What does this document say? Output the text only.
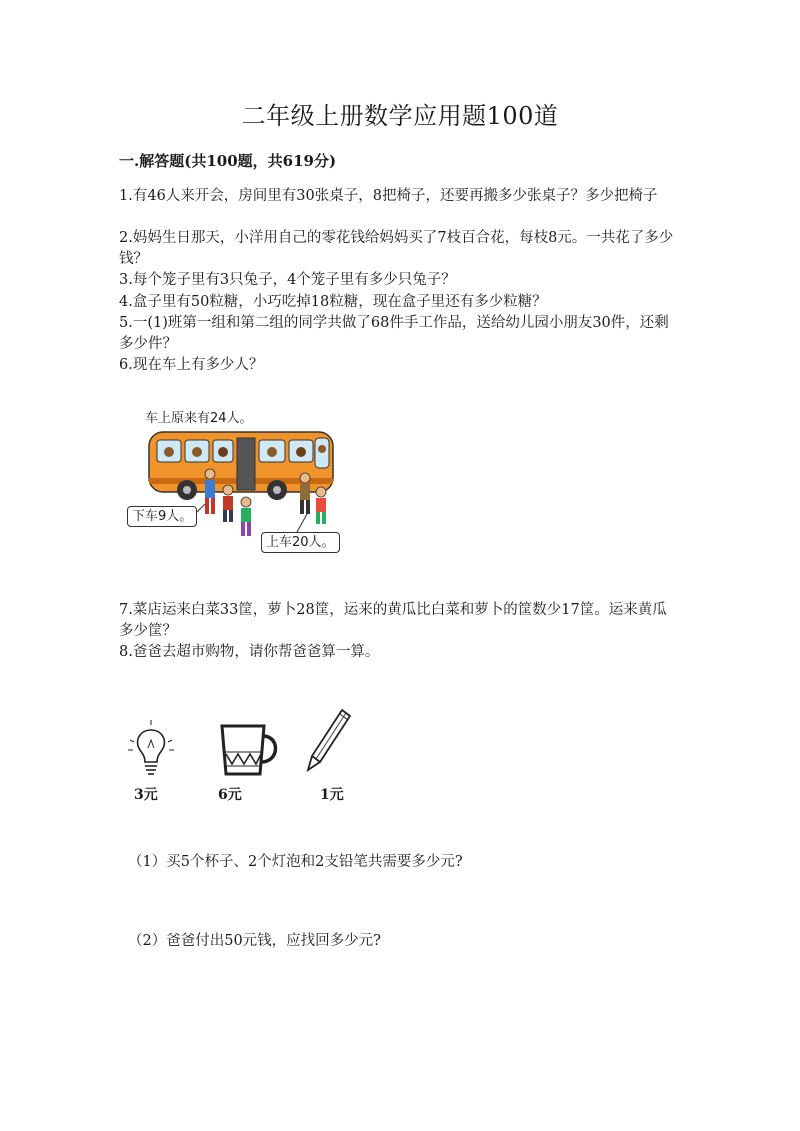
二年级上册数学应用题100道
一.解答题(共100题，共619分)
1.有46人来开会，房间里有30张桌子，8把椅子，还要再搬多少张桌子？多少把椅子
2.妈妈生日那天，小洋用自己的零花钱给妈妈买了7枝百合花，每枝8元。一共花了多少钱？
3.每个笼子里有3只兔子，4个笼子里有多少只兔子？
4.盒子里有50粒糖，小巧吃掉18粒糖，现在盒子里还有多少粒糖？
5.一(1)班第一组和第二组的同学共做了68件手工作品，送给幼儿园小朋友30件，还剩多少件？
6.现在车上有多少人？
车上原来有24人。
下车9人。
上车20人。
7.菜店运来白菜33筐，萝卜28筐，运来的黄瓜比白菜和萝卜的筐数少17筐。运来黄瓜多少筐？
8.爸爸去超市购物，请你帮爸爸算一算。
3元	6元	1元
（1）买5个杯子、2个灯泡和2支铅笔共需要多少元?
（2）爸爸付出50元钱，应找回多少元?
